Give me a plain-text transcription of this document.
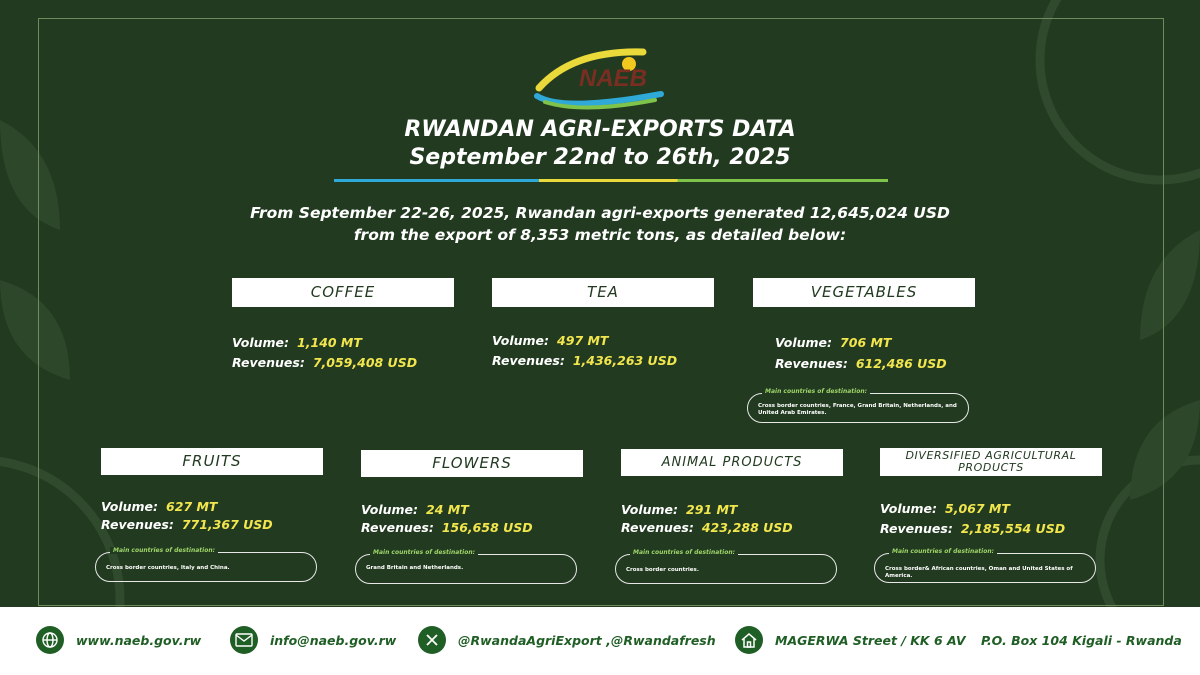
NAEB
RWANDAN AGRI-EXPORTS DATA
September 22nd to 26th, 2025
From September 22-26, 2025, Rwandan agri-exports generated 12,645,024 USD
from the export of 8,353 metric tons, as detailed below:
COFFEE
Volume: 1,140 MT
Revenues: 7,059,408 USD
TEA
Volume: 497 MT
Revenues: 1,436,263 USD
VEGETABLES
Volume: 706 MT
Revenues: 612,486 USD
Main countries of destination:
Cross border countries, France, Grand Britain, Netherlands, and United Arab Emirates.
FRUITS
Volume: 627 MT
Revenues: 771,367 USD
Main countries of destination:
Cross border countries, Italy and China.
FLOWERS
Volume: 24 MT
Revenues: 156,658 USD
Main countries of destination:
Grand Britain and Netherlands.
ANIMAL PRODUCTS
Volume: 291 MT
Revenues: 423,288 USD
Main countries of destination:
Cross border countries.
DIVERSIFIED AGRICULTURAL PRODUCTS
Volume: 5,067 MT
Revenues: 2,185,554 USD
Main countries of destination:
Cross border& African countries, Oman and United States of America.
www.naeb.gov.rw	info@naeb.gov.rw	@RwandaAgriExport ,@Rwandafresh	MAGERWA Street / KK 6 AV P.O. Box 104 Kigali - Rwanda
